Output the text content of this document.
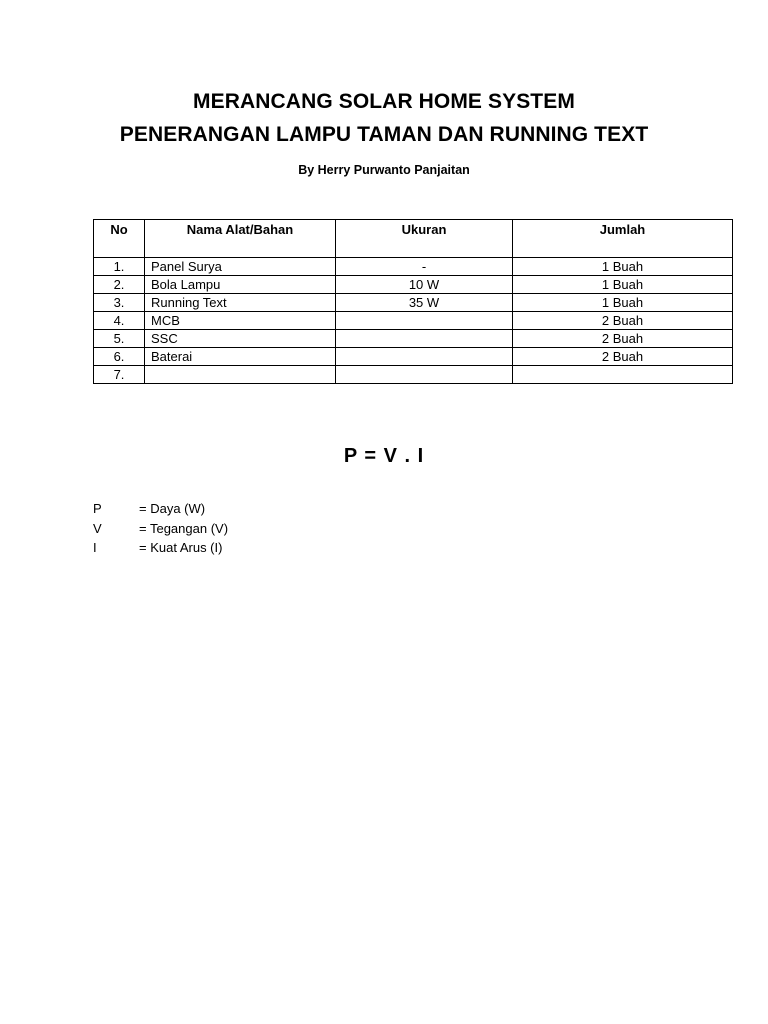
MERANCANG SOLAR HOME SYSTEM
PENERANGAN LAMPU TAMAN DAN RUNNING TEXT
By Herry Purwanto Panjaitan
No	Nama Alat/Bahan	Ukuran	Jumlah
1.	Panel Surya	-	1 Buah
2.	Bola Lampu	10 W	1 Buah
3.	Running Text	35 W	1 Buah
4.	MCB		2 Buah
5.	SSC		2 Buah
6.	Baterai		2 Buah
7.			
P = V . I
P	= Daya (W)
V	= Tegangan (V)
I	= Kuat Arus (I)
